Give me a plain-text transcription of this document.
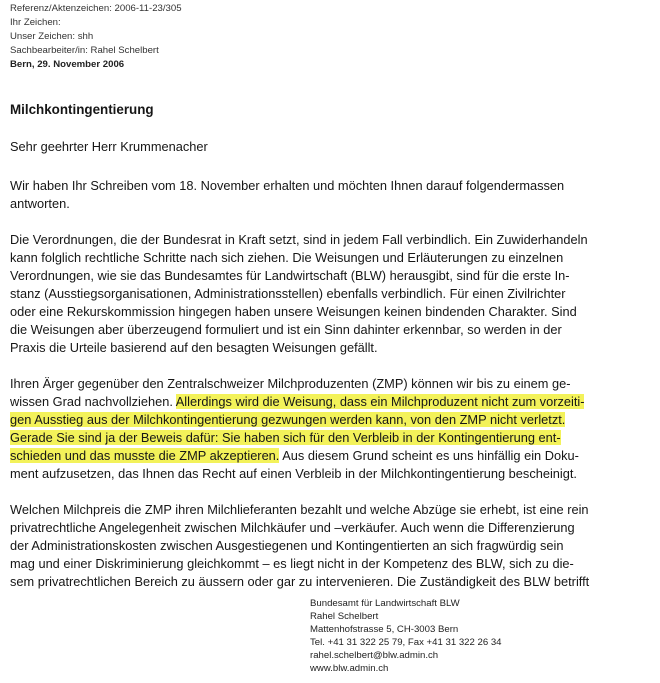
Referenz/Aktenzeichen: 2006-11-23/305
Ihr Zeichen:
Unser Zeichen: shh
Sachbearbeiter/in: Rahel Schelbert
Bern, 29. November 2006
Milchkontingentierung
Sehr geehrter Herr Krummenacher
Wir haben Ihr Schreiben vom 18. November erhalten und möchten Ihnen darauf folgendermassen
antworten.
Die Verordnungen, die der Bundesrat in Kraft setzt, sind in jedem Fall verbindlich. Ein Zuwiderhandeln
kann folglich rechtliche Schritte nach sich ziehen. Die Weisungen und Erläuterungen zu einzelnen
Verordnungen, wie sie das Bundesamtes für Landwirtschaft (BLW) herausgibt, sind für die erste In-
stanz (Ausstiegsorganisationen, Administrationsstellen) ebenfalls verbindlich. Für einen Zivilrichter
oder eine Rekurskommission hingegen haben unsere Weisungen keinen bindenden Charakter. Sind
die Weisungen aber überzeugend formuliert und ist ein Sinn dahinter erkennbar, so werden in der
Praxis die Urteile basierend auf den besagten Weisungen gefällt.
Ihren Ärger gegenüber den Zentralschweizer Milchproduzenten (ZMP) können wir bis zu einem ge-
wissen Grad nachvollziehen. Allerdings wird die Weisung, dass ein Milchproduzent nicht zum vorzeiti-
gen Ausstieg aus der Milchkontingentierung gezwungen werden kann, von den ZMP nicht verletzt.
Gerade Sie sind ja der Beweis dafür: Sie haben sich für den Verbleib in der Kontingentierung ent-
schieden und das musste die ZMP akzeptieren. Aus diesem Grund scheint es uns hinfällig ein Doku-
ment aufzusetzen, das Ihnen das Recht auf einen Verbleib in der Milchkontingentierung bescheinigt.
Welchen Milchpreis die ZMP ihren Milchlieferanten bezahlt und welche Abzüge sie erhebt, ist eine rein
privatrechtliche Angelegenheit zwischen Milchkäufer und –verkäufer. Auch wenn die Differenzierung
der Administrationskosten zwischen Ausgestiegenen und Kontingentierten an sich fragwürdig sein
mag und einer Diskriminierung gleichkommt – es liegt nicht in der Kompetenz des BLW, sich zu die-
sem privatrechtlichen Bereich zu äussern oder gar zu intervenieren. Die Zuständigkeit des BLW betrifft
Bundesamt für Landwirtschaft BLW
Rahel Schelbert
Mattenhofstrasse 5, CH-3003 Bern
Tel. +41 31 322 25 79, Fax +41 31 322 26 34
rahel.schelbert@blw.admin.ch
www.blw.admin.ch
